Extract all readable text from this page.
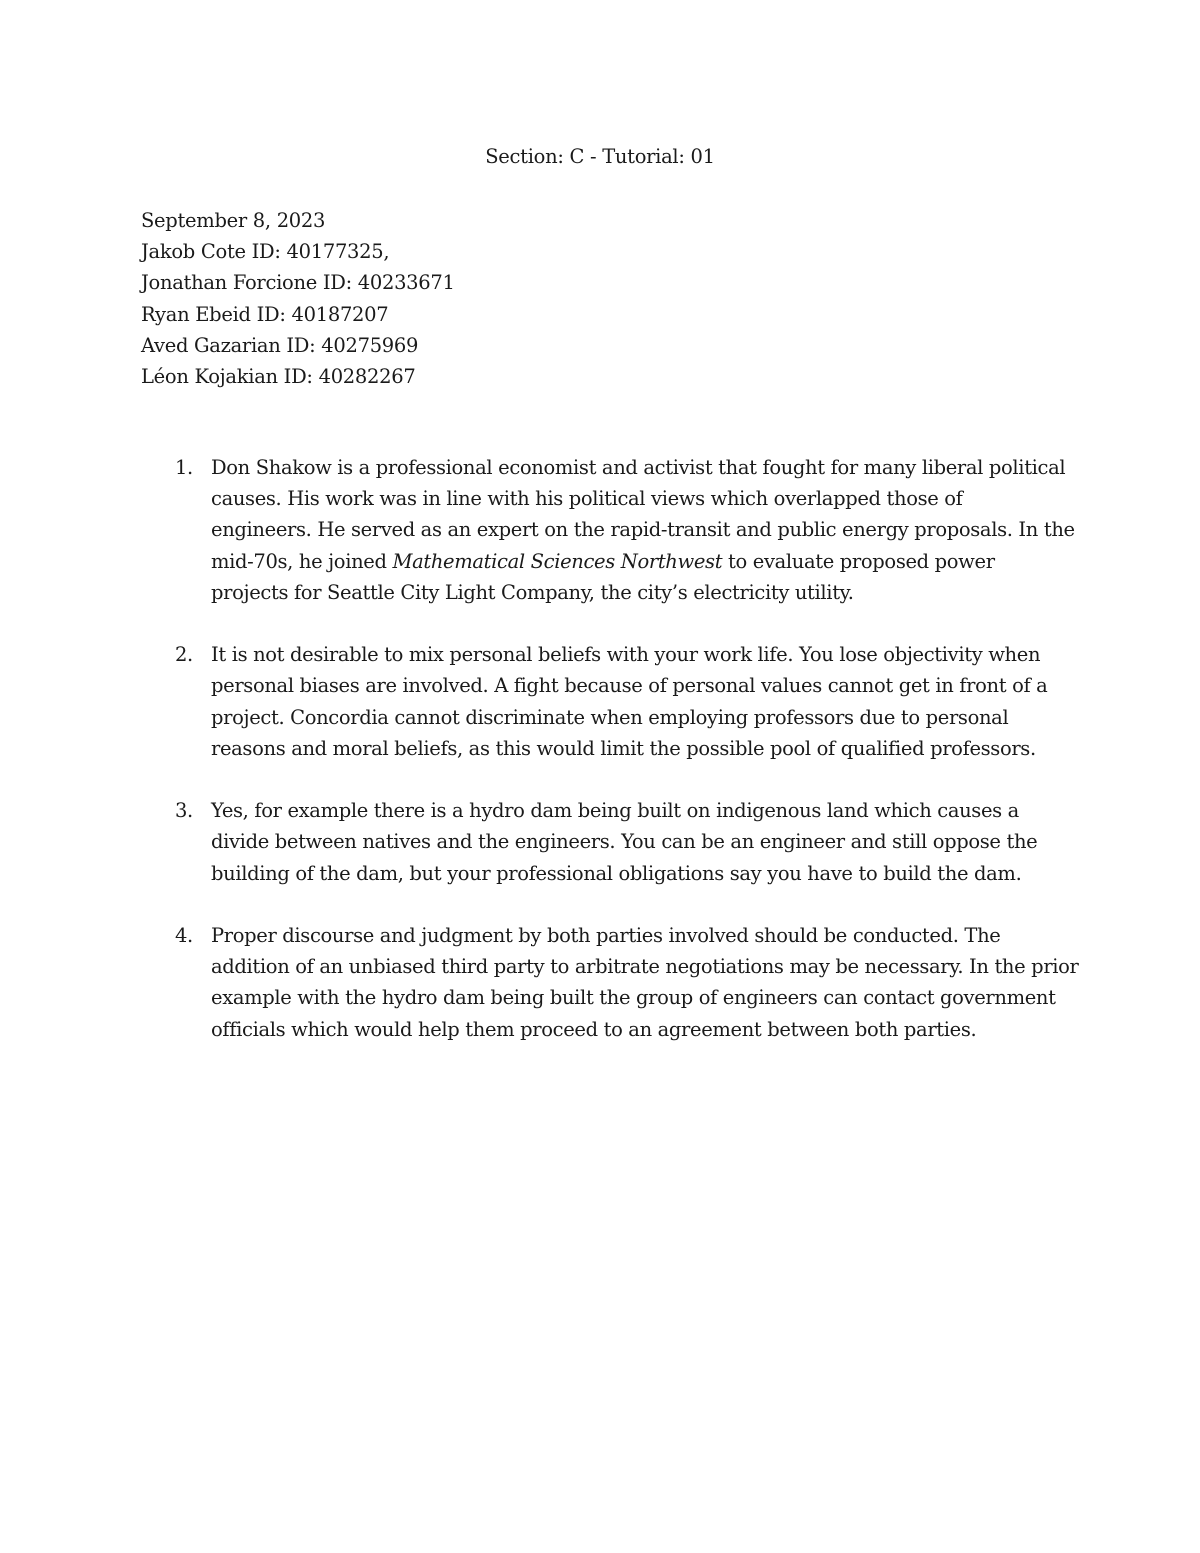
Section: C - Tutorial: 01
September 8, 2023
Jakob Cote ID: 40177325,
Jonathan Forcione ID: 40233671
Ryan Ebeid ID: 40187207
Aved Gazarian ID: 40275969
Léon Kojakian ID: 40282267
1. Don Shakow is a professional economist and activist that fought for many liberal political
causes. His work was in line with his political views which overlapped those of
engineers. He served as an expert on the rapid-transit and public energy proposals. In the
mid-70s, he joined Mathematical Sciences Northwest to evaluate proposed power
projects for Seattle City Light Company, the city’s electricity utility.
2. It is not desirable to mix personal beliefs with your work life. You lose objectivity when
personal biases are involved. A fight because of personal values cannot get in front of a
project. Concordia cannot discriminate when employing professors due to personal
reasons and moral beliefs, as this would limit the possible pool of qualified professors.
3. Yes, for example there is a hydro dam being built on indigenous land which causes a
divide between natives and the engineers. You can be an engineer and still oppose the
building of the dam, but your professional obligations say you have to build the dam.
4. Proper discourse and judgment by both parties involved should be conducted. The
addition of an unbiased third party to arbitrate negotiations may be necessary. In the prior
example with the hydro dam being built the group of engineers can contact government
officials which would help them proceed to an agreement between both parties.
